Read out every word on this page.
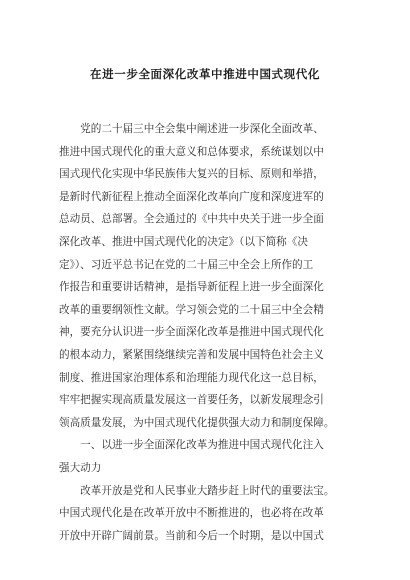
在进一步全面深化改革中推进中国式现代化
　　党的二十届三中全会集中阐述进一步深化全面改革、
推进中国式现代化的重大意义和总体要求，系统谋划以中
国式现代化实现中华民族伟大复兴的目标、原则和举措，
是新时代新征程上推动全面深化改革向广度和深度进军的
总动员、总部署。全会通过的《中共中央关于进一步全面
深化改革、推进中国式现代化的决定》（以下简称《决
定》）、习近平总书记在党的二十届三中全会上所作的工
作报告和重要讲话精神，是指导新征程上进一步全面深化
改革的重要纲领性文献。学习领会党的二十届三中全会精
神，要充分认识进一步全面深化改革是推进中国式现代化
的根本动力，紧紧围绕继续完善和发展中国特色社会主义
制度、推进国家治理体系和治理能力现代化这一总目标，
牢牢把握实现高质量发展这一首要任务，以新发展理念引
领高质量发展，为中国式现代化提供强大动力和制度保障。
　　一、以进一步全面深化改革为推进中国式现代化注入
强大动力
　　改革开放是党和人民事业大踏步赶上时代的重要法宝。
中国式现代化是在改革开放中不断推进的，也必将在改革
开放中开辟广阔前景。当前和今后一个时期，是以中国式
